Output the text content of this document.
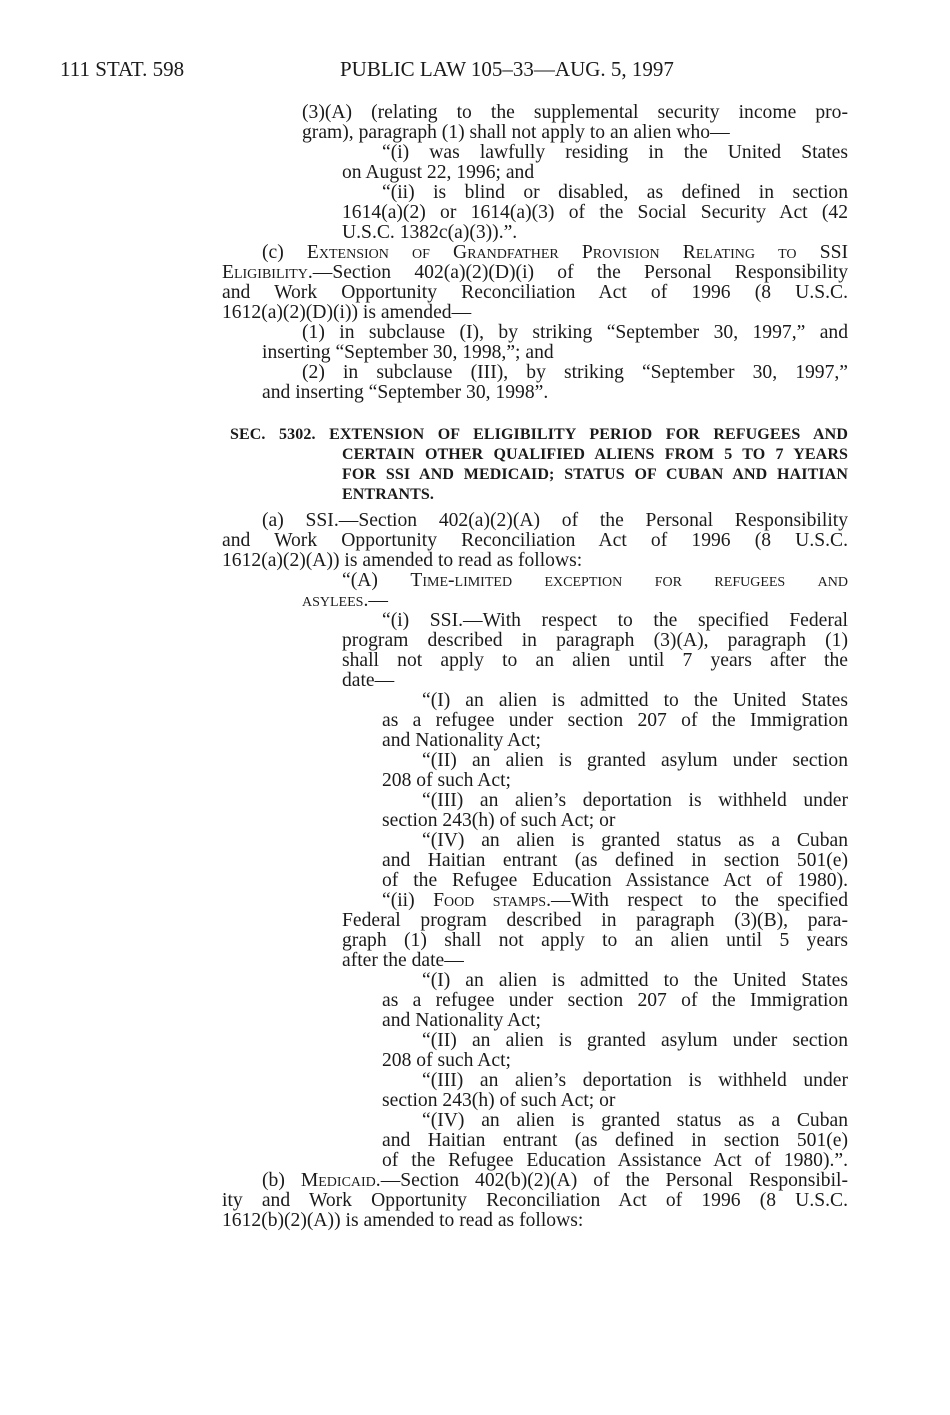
111 STAT. 598	PUBLIC LAW 105–33—AUG. 5, 1997
(3)(A) (relating to the supplemental security income pro-
gram), paragraph (1) shall not apply to an alien who—
“(i) was lawfully residing in the United States
on August 22, 1996; and
“(ii) is blind or disabled, as defined in section
1614(a)(2) or 1614(a)(3) of the Social Security Act (42
U.S.C. 1382c(a)(3)).”.
(c) Extension of Grandfather Provision Relating to SSI
Eligibility.—Section 402(a)(2)(D)(i) of the Personal Responsibility
and Work Opportunity Reconciliation Act of 1996 (8 U.S.C.
1612(a)(2)(D)(i)) is amended—
(1) in subclause (I), by striking “September 30, 1997,” and
inserting “September 30, 1998,”; and
(2) in subclause (III), by striking “September 30, 1997,”
and inserting “September 30, 1998”.
SEC. 5302. EXTENSION OF ELIGIBILITY PERIOD FOR REFUGEES AND
CERTAIN OTHER QUALIFIED ALIENS FROM 5 TO 7 YEARS
FOR SSI AND MEDICAID; STATUS OF CUBAN AND HAITIAN
ENTRANTS.
(a) SSI.—Section 402(a)(2)(A) of the Personal Responsibility
and Work Opportunity Reconciliation Act of 1996 (8 U.S.C.
1612(a)(2)(A)) is amended to read as follows:
“(A) Time-limited exception for refugees and
asylees.—
“(i) SSI.—With respect to the specified Federal
program described in paragraph (3)(A), paragraph (1)
shall not apply to an alien until 7 years after the
date—
“(I) an alien is admitted to the United States
as a refugee under section 207 of the Immigration
and Nationality Act;
“(II) an alien is granted asylum under section
208 of such Act;
“(III) an alien’s deportation is withheld under
section 243(h) of such Act; or
“(IV) an alien is granted status as a Cuban
and Haitian entrant (as defined in section 501(e)
of the Refugee Education Assistance Act of 1980).
“(ii) Food stamps.—With respect to the specified
Federal program described in paragraph (3)(B), para-
graph (1) shall not apply to an alien until 5 years
after the date—
“(I) an alien is admitted to the United States
as a refugee under section 207 of the Immigration
and Nationality Act;
“(II) an alien is granted asylum under section
208 of such Act;
“(III) an alien’s deportation is withheld under
section 243(h) of such Act; or
“(IV) an alien is granted status as a Cuban
and Haitian entrant (as defined in section 501(e)
of the Refugee Education Assistance Act of 1980).”.
(b) Medicaid.—Section 402(b)(2)(A) of the Personal Responsibil-
ity and Work Opportunity Reconciliation Act of 1996 (8 U.S.C.
1612(b)(2)(A)) is amended to read as follows:
